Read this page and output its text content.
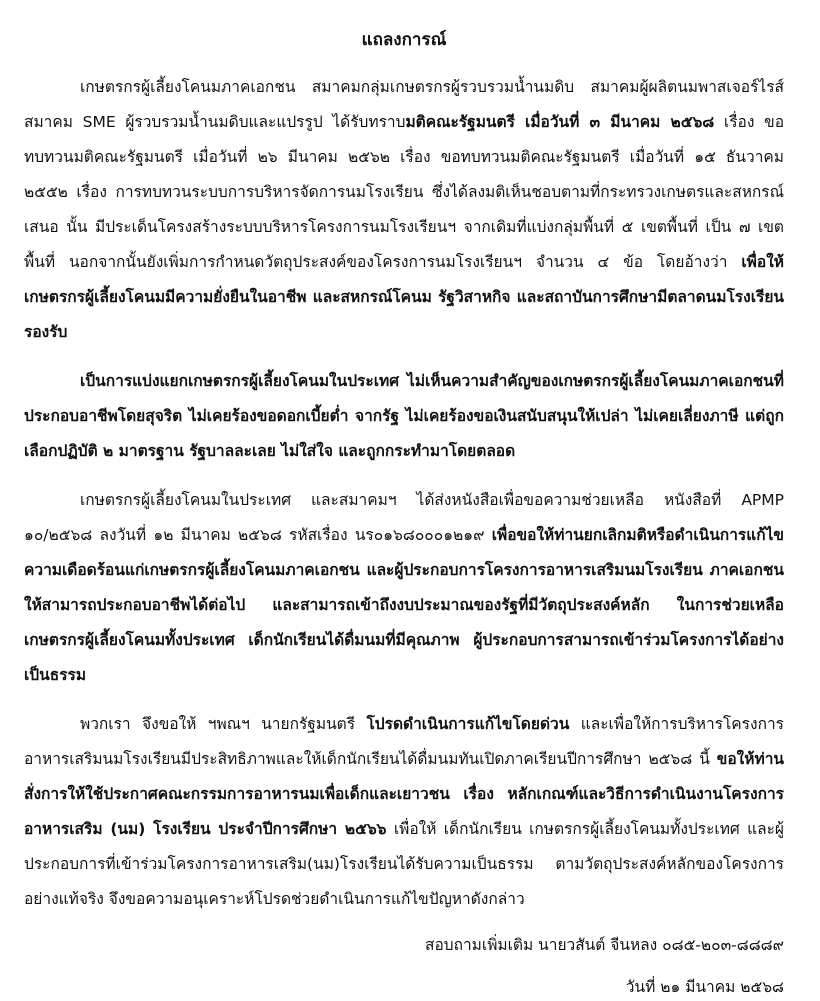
แถลงการณ์
เกษตรกรผู้เลี้ยงโคนมภาคเอกชน สมาคมกลุ่มเกษตรกรผู้รวบรวมน้ำนมดิบ สมาคมผู้ผลิตนมพาสเจอร์ไรส์ สมาคม SME ผู้รวบรวมน้ำนมดิบและแปรรูป ได้รับทราบมติคณะรัฐมนตรี เมื่อวันที่ ๓ มีนาคม ๒๕๖๘ เรื่อง ขอทบทวนมติคณะรัฐมนตรี เมื่อวันที่ ๒๖ มีนาคม ๒๕๖๒ เรื่อง ขอทบทวนมติคณะรัฐมนตรี เมื่อวันที่ ๑๕ ธันวาคม ๒๕๕๒ เรื่อง การทบทวนระบบการบริหารจัดการนมโรงเรียน ซึ่งได้ลงมติเห็นชอบตามที่กระทรวงเกษตรและสหกรณ์เสนอ นั้น มีประเด็นโครงสร้างระบบบริหารโครงการนมโรงเรียนฯ จากเดิมที่แบ่งกลุ่มพื้นที่ ๕ เขตพื้นที่ เป็น ๗ เขตพื้นที่ นอกจากนั้นยังเพิ่มการกำหนดวัตถุประสงค์ของโครงการนมโรงเรียนฯ จำนวน ๔ ข้อ โดยอ้างว่า เพื่อให้เกษตรกรผู้เลี้ยงโคนมมีความยั่งยืนในอาชีพ และสหกรณ์โคนม รัฐวิสาหกิจ และสถาบันการศึกษามีตลาดนมโรงเรียนรองรับ
เป็นการแบ่งแยกเกษตรกรผู้เลี้ยงโคนมในประเทศ ไม่เห็นความสำคัญของเกษตรกรผู้เลี้ยงโคนมภาคเอกชนที่ประกอบอาชีพโดยสุจริต ไม่เคยร้องขอดอกเบี้ยต่ำ จากรัฐ ไม่เคยร้องขอเงินสนับสนุนให้เปล่า ไม่เคยเลี่ยงภาษี แต่ถูกเลือกปฏิบัติ ๒ มาตรฐาน รัฐบาลละเลย ไม่ใส่ใจ และถูกกระทำมาโดยตลอด
เกษตรกรผู้เลี้ยงโคนมในประเทศ และสมาคมฯ ได้ส่งหนังสือเพื่อขอความช่วยเหลือ หนังสือที่ APMP ๑๐/๒๕๖๘ ลงวันที่ ๑๒ มีนาคม ๒๕๖๘ รหัสเรื่อง นร๐๑๖๘๐๐๐๑๒๑๙ เพื่อขอให้ท่านยกเลิกมติหรือดำเนินการแก้ไขความเดือดร้อนแก่เกษตรกรผู้เลี้ยงโคนมภาคเอกชน และผู้ประกอบการโครงการอาหารเสริมนมโรงเรียน ภาคเอกชน ให้สามารถประกอบอาชีพได้ต่อไป และสามารถเข้าถึงงบประมาณของรัฐที่มีวัตถุประสงค์หลัก ในการช่วยเหลือเกษตรกรผู้เลี้ยงโคนมทั้งประเทศ เด็กนักเรียนได้ดื่มนมที่มีคุณภาพ ผู้ประกอบการสามารถเข้าร่วมโครงการได้อย่างเป็นธรรม
พวกเรา จึงขอให้ ฯพณฯ นายกรัฐมนตรี โปรดดำเนินการแก้ไขโดยด่วน และเพื่อให้การบริหารโครงการอาหารเสริมนมโรงเรียนมีประสิทธิภาพและให้เด็กนักเรียนได้ดื่มนมทันเปิดภาคเรียนปีการศึกษา ๒๕๖๘ นี้ ขอให้ท่านสั่งการให้ใช้ประกาศคณะกรรมการอาหารนมเพื่อเด็กและเยาวชน เรื่อง หลักเกณฑ์และวิธีการดำเนินงานโครงการอาหารเสริม (นม) โรงเรียน ประจำปีการศึกษา ๒๕๖๖ เพื่อให้ เด็กนักเรียน เกษตรกรผู้เลี้ยงโคนมทั้งประเทศ และผู้ประกอบการที่เข้าร่วมโครงการอาหารเสริม(นม)โรงเรียนได้รับความเป็นธรรม ตามวัตถุประสงค์หลักของโครงการอย่างแท้จริง จึงขอความอนุเคราะห์โปรดช่วยดำเนินการแก้ไขปัญหาดังกล่าว
สอบถามเพิ่มเติม นายวสันต์ จีนหลง ๐๘๕-๒๐๓-๘๘๘๙
วันที่ ๒๑ มีนาคม ๒๕๖๘
